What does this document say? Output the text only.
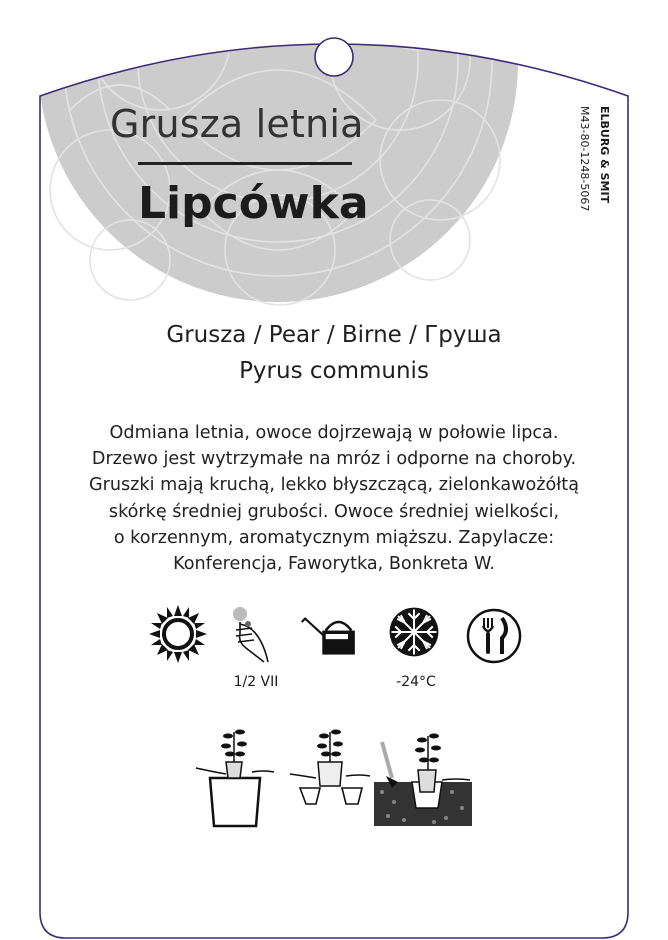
Grusza letnia
Lipcówka
ELBURG & SMIT
M43-80-1248-5067
Grusza / Pear / Birne / Груша
Pyrus communis
Odmiana letnia, owoce dojrzewają w połowie lipca.
Drzewo jest wytrzymałe na mróz i odporne na choroby.
Gruszki mają kruchą, lekko błyszczącą, zielonkawożółtą
skórkę średniej grubości. Owoce średniej wielkości,
o korzennym, aromatycznym miąższu. Zapylacze:
Konferencja, Faworytka, Bonkreta W.
1/2 VII	-24°C
